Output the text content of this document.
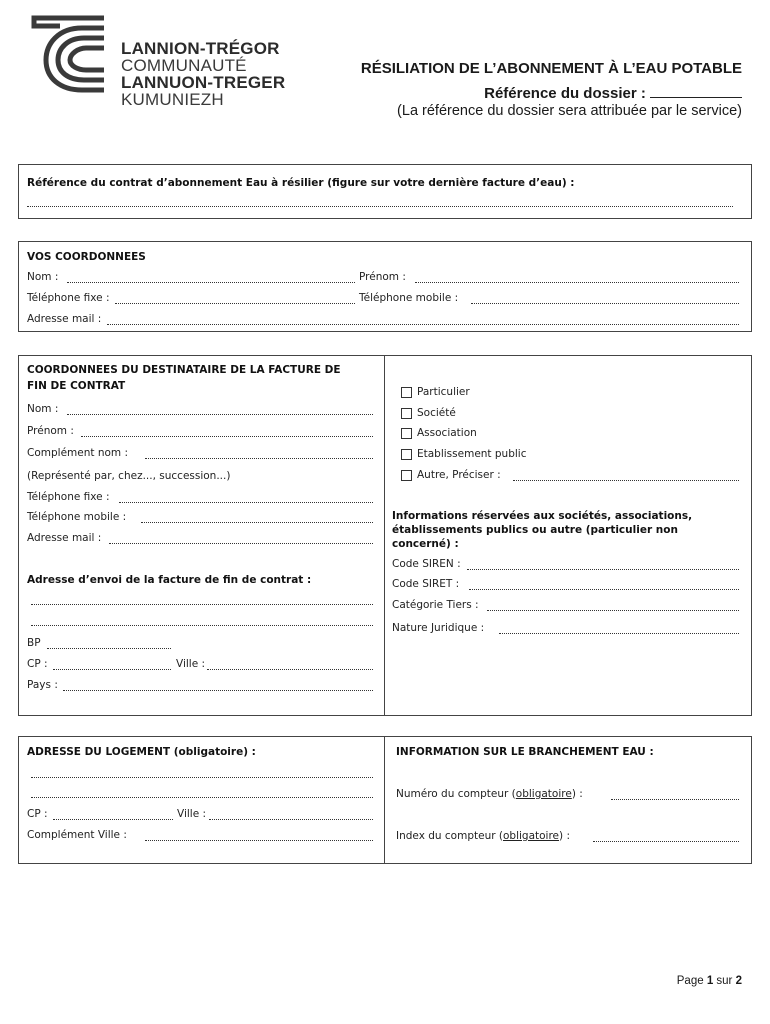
LANNION-TRÉGOR
COMMUNAUTÉ
LANNUON-TREGER
KUMUNIEZH
RÉSILIATION DE L’ABONNEMENT À L’EAU POTABLE
Référence du dossier :
(La référence du dossier sera attribuée par le service)
Référence du contrat d’abonnement Eau à résilier (figure sur votre dernière facture d’eau) :
VOS COORDONNEES
Nom :	Prénom :
Téléphone fixe :	Téléphone mobile :
Adresse mail :
COORDONNEES DU DESTINATAIRE DE LA FACTURE DE
FIN DE CONTRAT
Nom :
Prénom :
Complément nom :
(Représenté par, chez..., succession...)
Téléphone fixe :
Téléphone mobile :
Adresse mail :
Adresse d’envoi de la facture de fin de contrat :
BP
CP :	Ville :
Pays :
Particulier
Société
Association
Etablissement public
Autre, Préciser :
Informations réservées aux sociétés, associations,
établissements publics ou autre (particulier non
concerné) :
Code SIREN :
Code SIRET :
Catégorie Tiers :
Nature Juridique :
ADRESSE DU LOGEMENT (obligatoire) :
CP :	Ville :
Complément Ville :
INFORMATION SUR LE BRANCHEMENT EAU :
Numéro du compteur (obligatoire) :
Index du compteur (obligatoire) :
Page 1 sur 2
